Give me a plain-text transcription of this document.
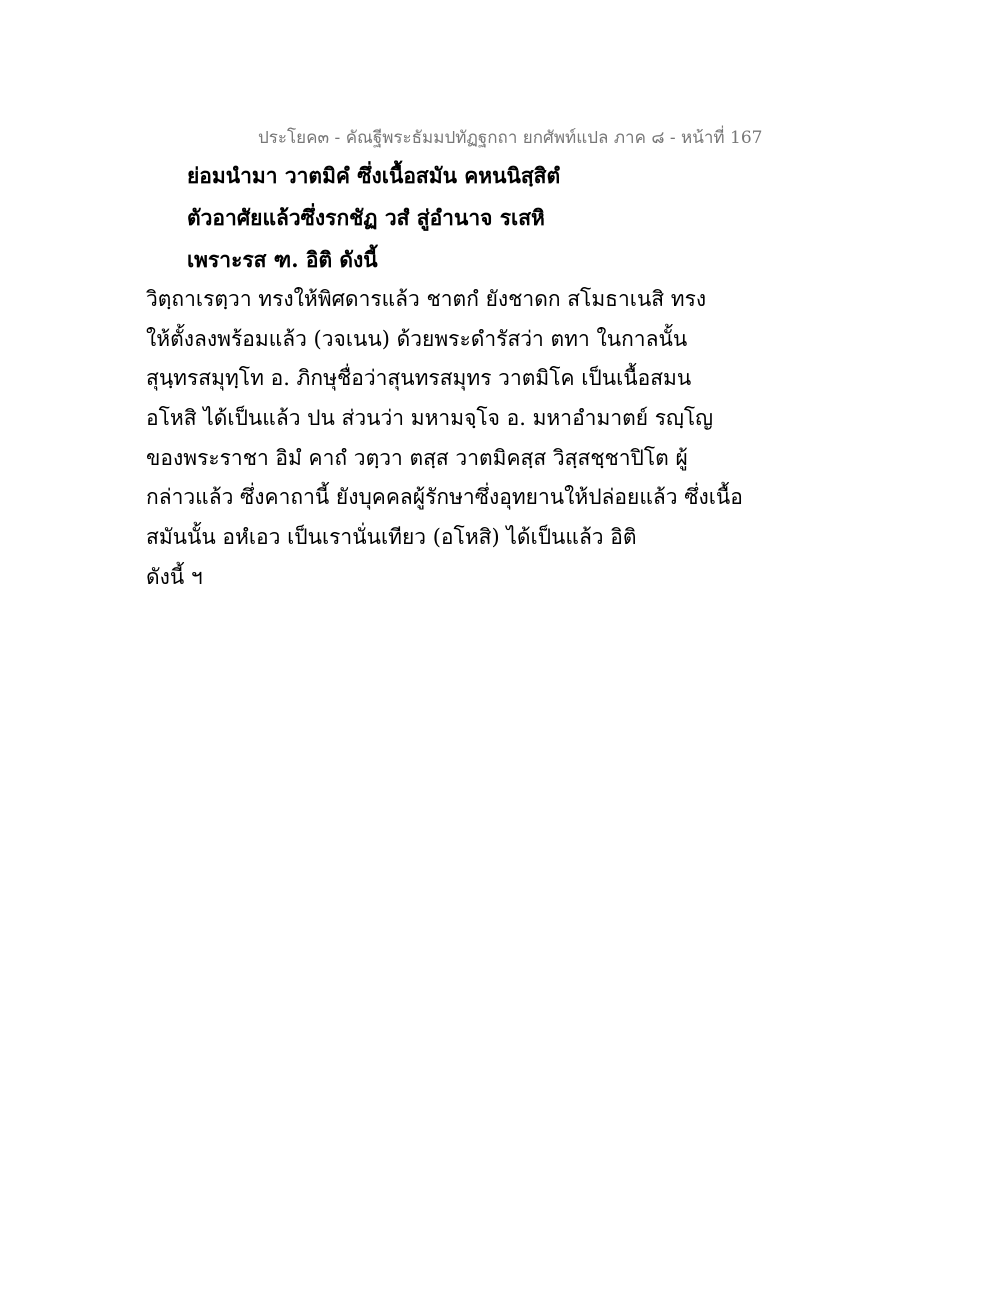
ประโยค๓ - คัณฐีพระธัมมปทัฏฐกถา ยกศัพท์แปล ภาค ๘ - หน้าที่ 167
ย่อมนำมา วาตมิคํ ซึ่งเนื้อสมัน คหนนิสฺสิตํ
ตัวอาศัยแล้วซึ่งรกชัฏ วสํ สู่อำนาจ รเสหิ
เพราะรส ฑ. อิติ ดังนี้
วิตฺถาเรตฺวา ทรงให้พิศดารแล้ว ชาตกํ ยังชาดก สโมธาเนสิ ทรง
ให้ตั้งลงพร้อมแล้ว (วจเนน) ด้วยพระดำรัสว่า ตทา ในกาลนั้น
สุนฺทรสมุทฺโท อ. ภิกษุชื่อว่าสุนทรสมุทร วาตมิโค เป็นเนื้อสมน
อโหสิ ได้เป็นแล้ว ปน ส่วนว่า มหามจฺโจ อ. มหาอำมาตย์ รญฺโญ
ของพระราชา อิมํ คาถํ วตฺวา ตสฺส วาตมิคสฺส วิสฺสชฺชาปิโต ผู้
กล่าวแล้ว ซึ่งคาถานี้ ยังบุคคลผู้รักษาซึ่งอุทยานให้ปล่อยแล้ว ซึ่งเนื้อ
สมันนั้น อหํเอว เป็นเรานั่นเทียว (อโหสิ) ได้เป็นแล้ว อิติ
ดังนี้ ฯ
